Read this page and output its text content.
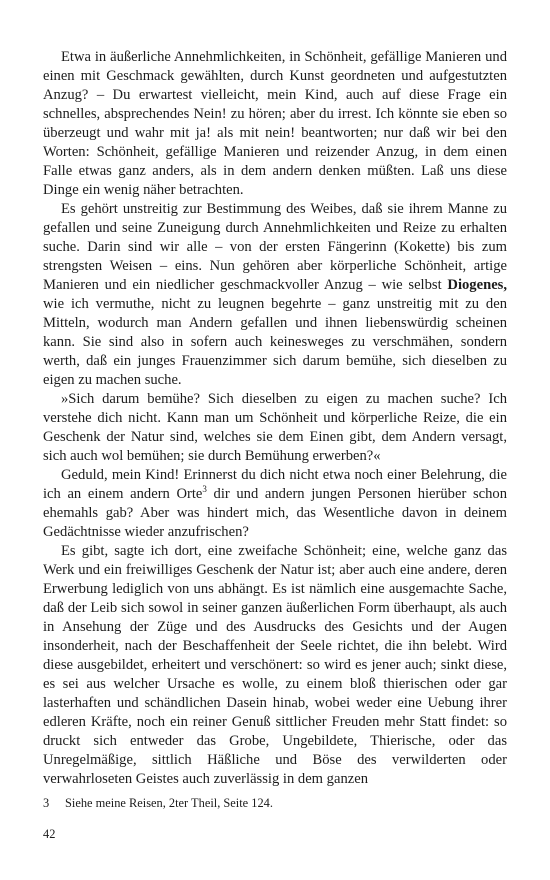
Etwa in äußerliche Annehmlichkeiten, in Schönheit, gefällige Manieren und einen mit Geschmack gewählten, durch Kunst geordneten und aufgestutzten Anzug? – Du erwartest vielleicht, mein Kind, auch auf diese Frage ein schnelles, absprechendes Nein! zu hören; aber du irrest. Ich könnte sie eben so überzeugt und wahr mit ja! als mit nein! beantworten; nur daß wir bei den Worten: Schönheit, gefällige Manieren und reizender Anzug, in dem einen Falle etwas ganz anders, als in dem andern denken müßten. Laß uns diese Dinge ein wenig näher betrachten.

Es gehört unstreitig zur Bestimmung des Weibes, daß sie ihrem Manne zu gefallen und seine Zuneigung durch Annehmlichkeiten und Reize zu erhalten suche. Darin sind wir alle – von der ersten Fängerinn (Kokette) bis zum strengsten Weisen – eins. Nun gehören aber körperliche Schönheit, artige Manieren und ein niedlicher geschmackvoller Anzug – wie selbst Diogenes, wie ich vermuthe, nicht zu leugnen begehrte – ganz unstreitig mit zu den Mitteln, wodurch man Andern gefallen und ihnen liebenswürdig scheinen kann. Sie sind also in sofern auch keinesweges zu verschmähen, sondern werth, daß ein junges Frauenzimmer sich darum bemühe, sich dieselben zu eigen zu machen suche.

»Sich darum bemühe? Sich dieselben zu eigen zu machen suche? Ich verstehe dich nicht. Kann man um Schönheit und körperliche Reize, die ein Geschenk der Natur sind, welches sie dem Einen gibt, dem Andern versagt, sich auch wol bemühen; sie durch Bemühung erwerben?«

Geduld, mein Kind! Erinnerst du dich nicht etwa noch einer Belehrung, die ich an einem andern Orte$^3$ dir und andern jungen Personen hierüber schon ehemahls gab? Aber was hindert mich, das Wesentliche davon in deinem Gedächtnisse wieder anzufrischen?

Es gibt, sagte ich dort, eine zweifache Schönheit; eine, welche ganz das Werk und ein freiwilliges Geschenk der Natur ist; aber auch eine andere, deren Erwerbung lediglich von uns abhängt. Es ist nämlich eine ausgemachte Sache, daß der Leib sich sowol in seiner ganzen äußerlichen Form überhaupt, als auch in Ansehung der Züge und des Ausdrucks des Gesichts und der Augen insonderheit, nach der Beschaffenheit der Seele richtet, die ihn belebt. Wird diese ausgebildet, erheitert und verschönert: so wird es jener auch; sinkt diese, es sei aus welcher Ursache es wolle, zu einem bloß thierischen oder gar lasterhaften und schändlichen Dasein hinab, wobei weder eine Uebung ihrer edleren Kräfte, noch ein reiner Genuß sittlicher Freuden mehr Statt findet: so druckt sich entweder das Grobe, Ungebildete, Thierische, oder das Unregelmäßige, sittlich Häßliche und Böse des verwilderten oder verwahrloseten Geistes auch zuverlässig in dem ganzen

3 Siehe meine Reisen, 2ter Theil, Seite 124.
42
